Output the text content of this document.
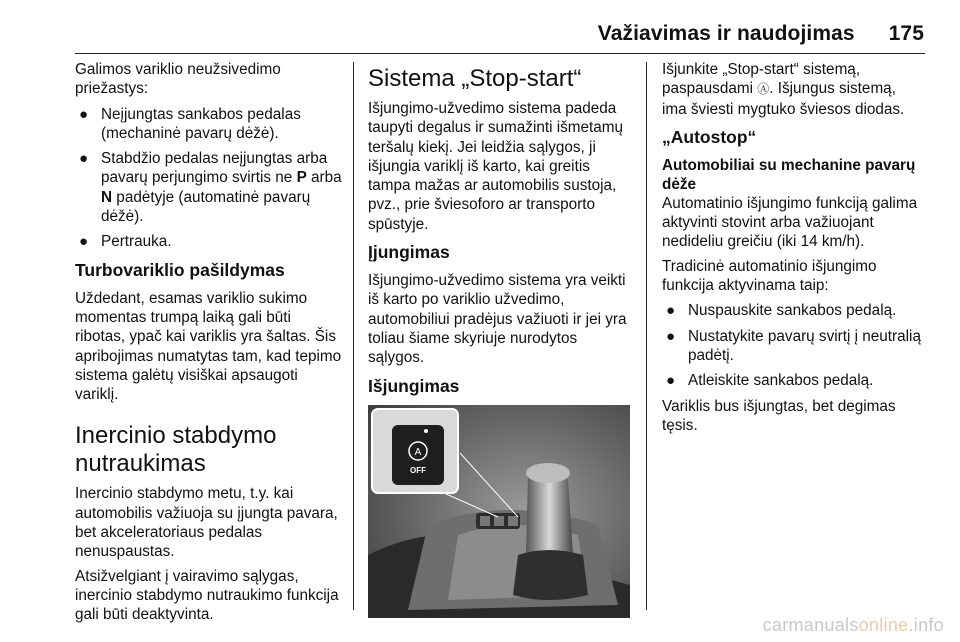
Važiavimas ir naudojimas 175

Galimos variklio neužsivedimo priežastys:

● Neįjungtas sankabos pedalas (mechaninė pavarų dėžė).
● Stabdžio pedalas neįjungtas arba pavarų perjungimo svirtis ne P arba N padėtyje (automatinė pavarų dėžė).
● Pertrauka.
Turbovariklio pašildymas

Uždedant, esamas variklio sukimo momentas trumpą laiką gali būti ribotas, ypač kai variklis yra šaltas. Šis apribojimas numatytas tam, kad tepimo sistema galėtų visiškai apsaugoti variklį.

Inercinio stabdymo nutraukimas

Inercinio stabdymo metu, t.y. kai automobilis važiuoja su įjungta pavara, bet akceleratoriaus pedalas nenuspaustas.

Atsižvelgiant į vairavimo sąlygas, inercinio stabdymo nutraukimo funkcija gali būti deaktyvinta.

Sistema „Stop-start“

Išjungimo-užvedimo sistema padeda taupyti degalus ir sumažinti išmetamų teršalų kiekį. Jei leidžia sąlygos, ji išjungia variklį iš karto, kai greitis tampa mažas ar automobilis sustoja, pvz., prie šviesoforo ar transporto spūstyje.

Įjungimas

Išjungimo-užvedimo sistema yra veikti iš karto po variklio užvedimo, automobiliui pradėjus važiuoti ir jei yra toliau šiame skyriuje nurodytos sąlygos.

Išjungimas
A
OFF

Išjunkite „Stop-start“ sistemą, paspausdami Ⓐ. Išjungus sistemą, ima šviesti mygtuko šviesos diodas.

„Autostop“
Automobiliai su mechanine pavarų dėže

Automatinio išjungimo funkciją galima aktyvinti stovint arba važiuojant nedideliu greičiu (iki 14 km/h).

Tradicinė automatinio išjungimo funkcija aktyvinama taip:

● Nuspauskite sankabos pedalą.
● Nustatykite pavarų svirtį į neutralią padėtį.
● Atleiskite sankabos pedalą.

Variklis bus išjungtas, bet degimas tęsis.

carmanualsonline.info
